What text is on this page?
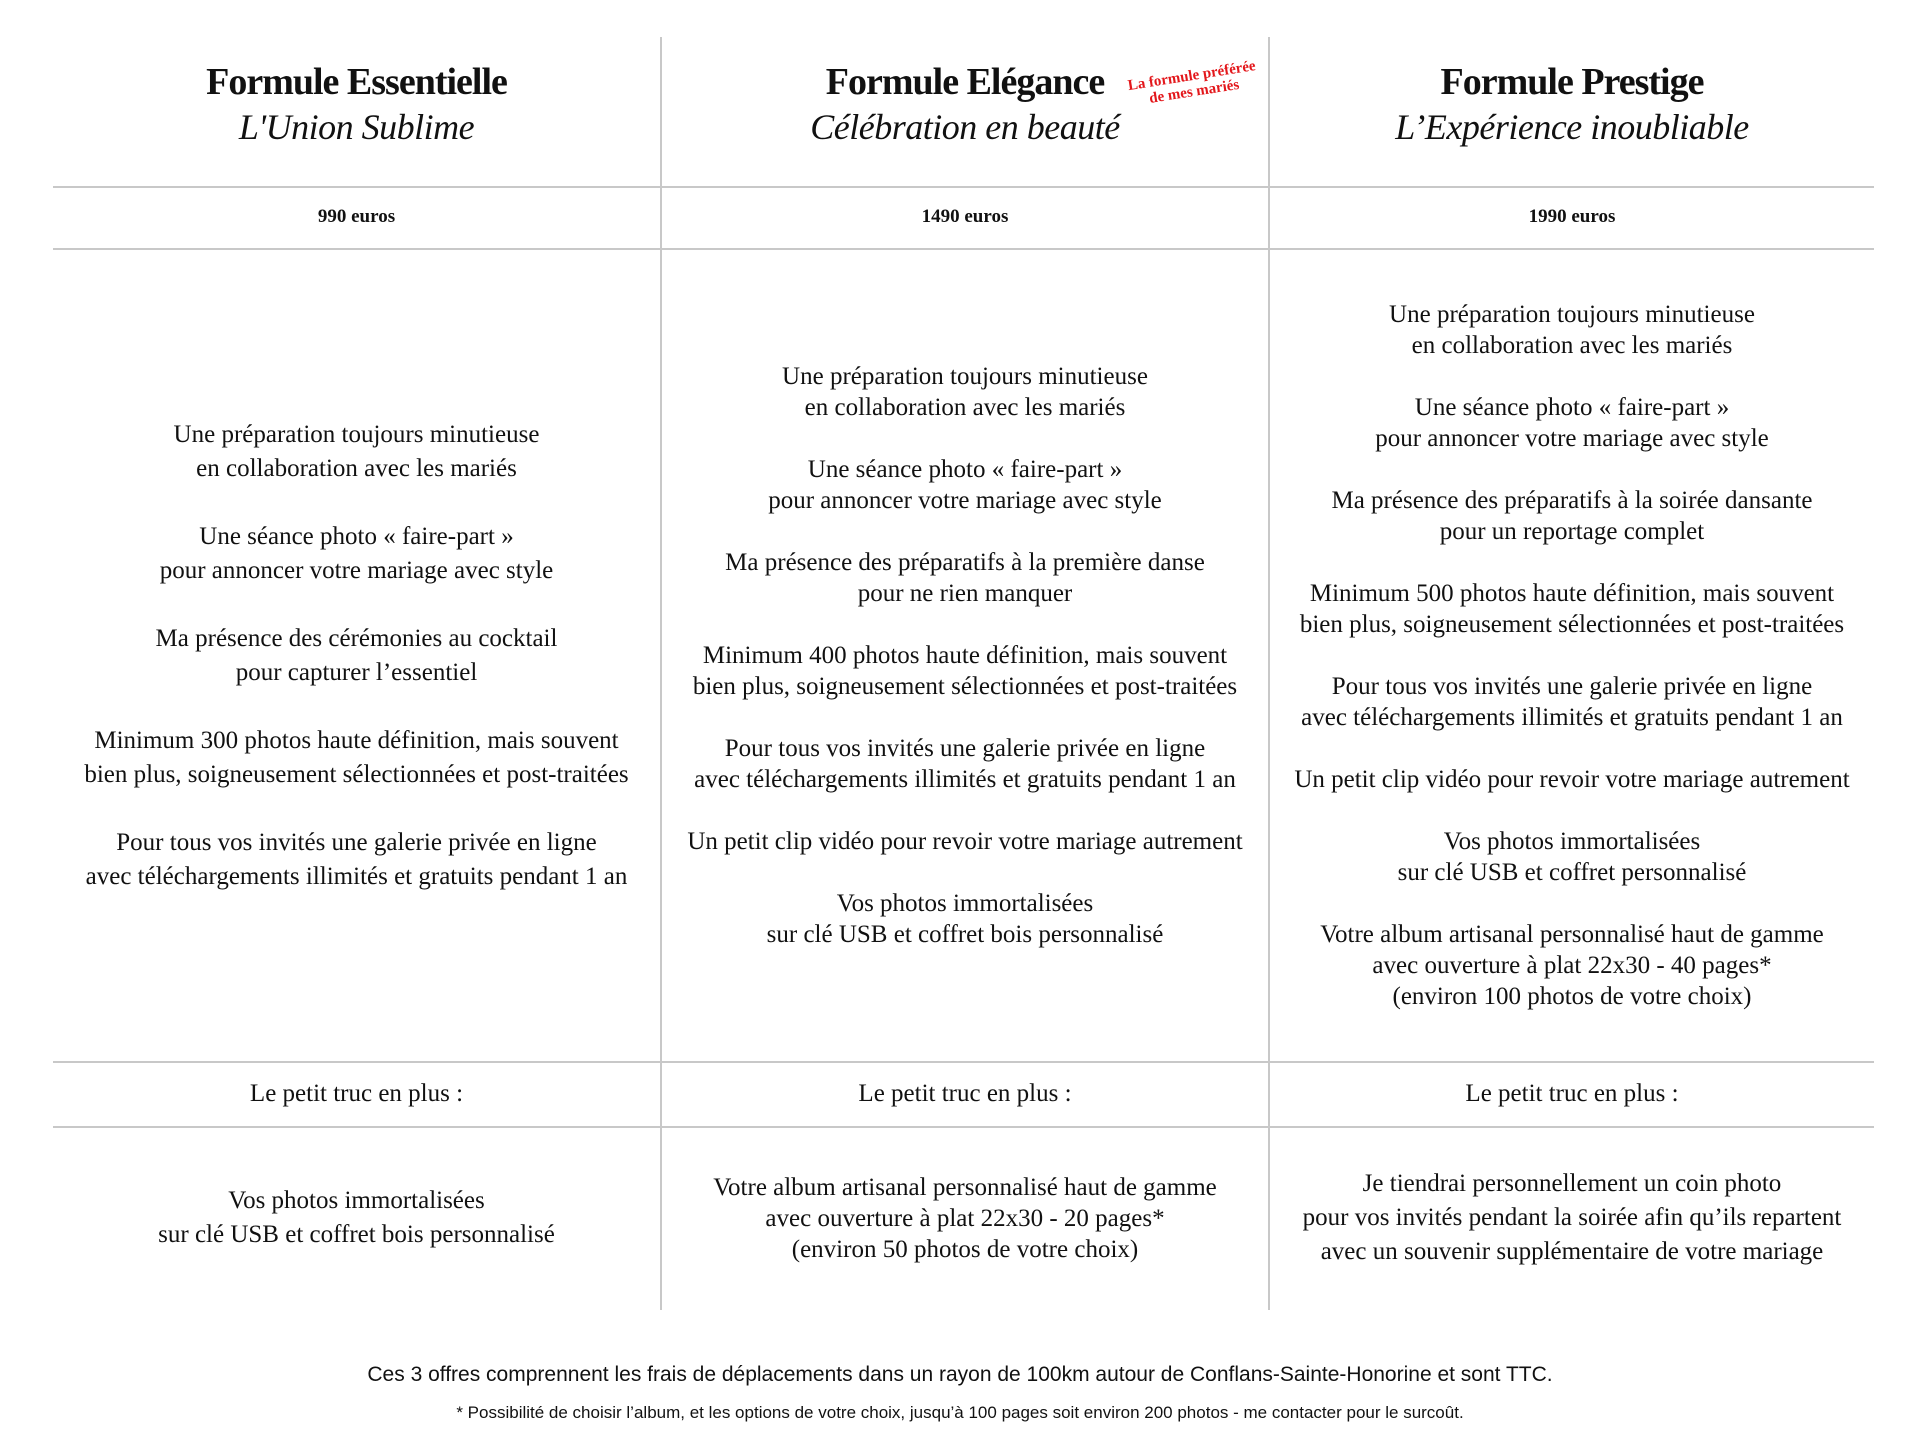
Formule Essentielle
L'Union Sublime
990 euros
Une préparation toujours minutieuse
en collaboration avec les mariés
Une séance photo « faire-part »
pour annoncer votre mariage avec style
Ma présence des cérémonies au cocktail
pour capturer l’essentiel
Minimum 300 photos haute définition, mais souvent
bien plus, soigneusement sélectionnées et post-traitées
Pour tous vos invités une galerie privée en ligne
avec téléchargements illimités et gratuits pendant 1 an
Le petit truc en plus :
Vos photos immortalisées
sur clé USB et coffret bois personnalisé
Formule Elégance
Célébration en beauté
La formule préférée
de mes mariés
1490 euros
Une préparation toujours minutieuse
en collaboration avec les mariés
Une séance photo « faire-part »
pour annoncer votre mariage avec style
Ma présence des préparatifs à la première danse
pour ne rien manquer
Minimum 400 photos haute définition, mais souvent
bien plus, soigneusement sélectionnées et post-traitées
Pour tous vos invités une galerie privée en ligne
avec téléchargements illimités et gratuits pendant 1 an
Un petit clip vidéo pour revoir votre mariage autrement
Vos photos immortalisées
sur clé USB et coffret bois personnalisé
Le petit truc en plus :
Votre album artisanal personnalisé haut de gamme
avec ouverture à plat 22x30 - 20 pages*
(environ 50 photos de votre choix)
Formule Prestige
L’Expérience inoubliable
1990 euros
Une préparation toujours minutieuse
en collaboration avec les mariés
Une séance photo « faire-part »
pour annoncer votre mariage avec style
Ma présence des préparatifs à la soirée dansante
pour un reportage complet
Minimum 500 photos haute définition, mais souvent
bien plus, soigneusement sélectionnées et post-traitées
Pour tous vos invités une galerie privée en ligne
avec téléchargements illimités et gratuits pendant 1 an
Un petit clip vidéo pour revoir votre mariage autrement
Vos photos immortalisées
sur clé USB et coffret personnalisé
Votre album artisanal personnalisé haut de gamme
avec ouverture à plat 22x30 - 40 pages*
(environ 100 photos de votre choix)
Le petit truc en plus :
Je tiendrai personnellement un coin photo
pour vos invités pendant la soirée afin qu’ils repartent
avec un souvenir supplémentaire de votre mariage
Ces 3 offres comprennent les frais de déplacements dans un rayon de 100km autour de Conflans-Sainte-Honorine et sont TTC.
* Possibilité de choisir l’album, et les options de votre choix, jusqu’à 100 pages soit environ 200 photos - me contacter pour le surcoût.
